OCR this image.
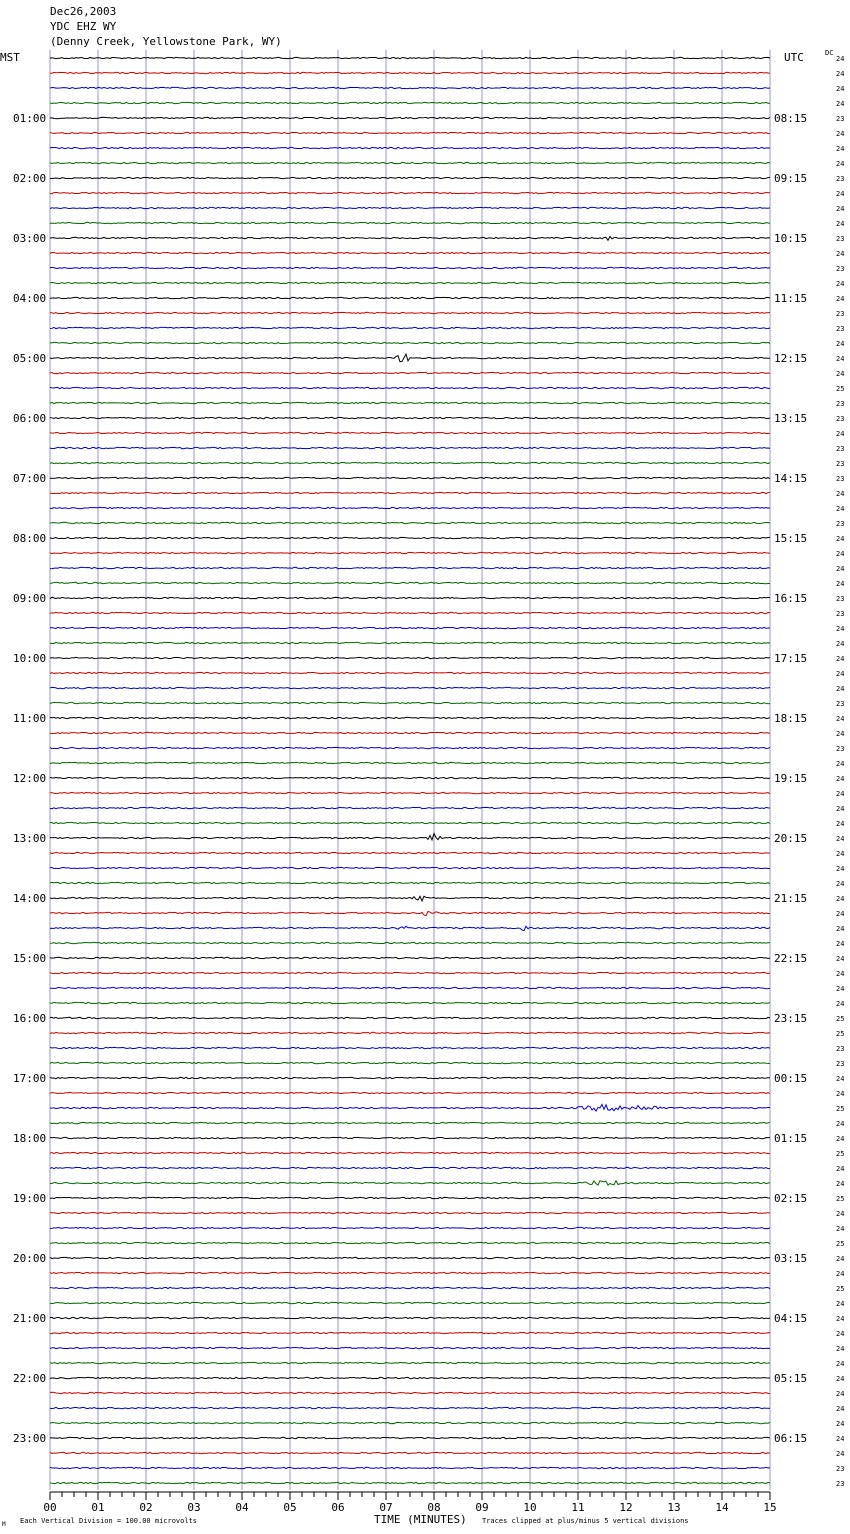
Dec26,2003
YDC EHZ WY
(Denny Creek, Yellowstone Park, WY)
01:00
02:00
03:00
04:00
05:00
06:00
07:00
08:00
09:00
10:00
11:00
12:00
13:00
14:00
15:00
16:00
17:00
18:00
19:00
20:00
21:00
22:00
23:00
08:15
09:15
10:15
11:15
12:15
13:15
14:15
15:15
16:15
17:15
18:15
19:15
20:15
21:15
22:15
23:15
00:15
01:15
02:15
03:15
04:15
05:15
06:15
24
24
24
24
23
24
24
24
23
24
24
24
23
24
23
24
24
23
23
24
24
24
25
23
23
24
23
23
23
24
24
23
24
24
24
24
23
23
24
24
24
24
24
23
24
24
23
24
24
24
24
24
24
24
24
24
24
24
24
24
24
24
24
24
25
25
23
23
24
24
25
24
24
25
24
24
25
24
24
25
24
24
25
24
24
24
24
24
24
24
24
24
24
24
23
23
00	01	02	03	04	05	06	07	08	09	10	11	12	13	14	15
MST	UTC	DC
TIME (MINUTES)
Each Vertical Division = 100.00 microvolts	Traces clipped at plus/minus 5 vertical divisions
M
